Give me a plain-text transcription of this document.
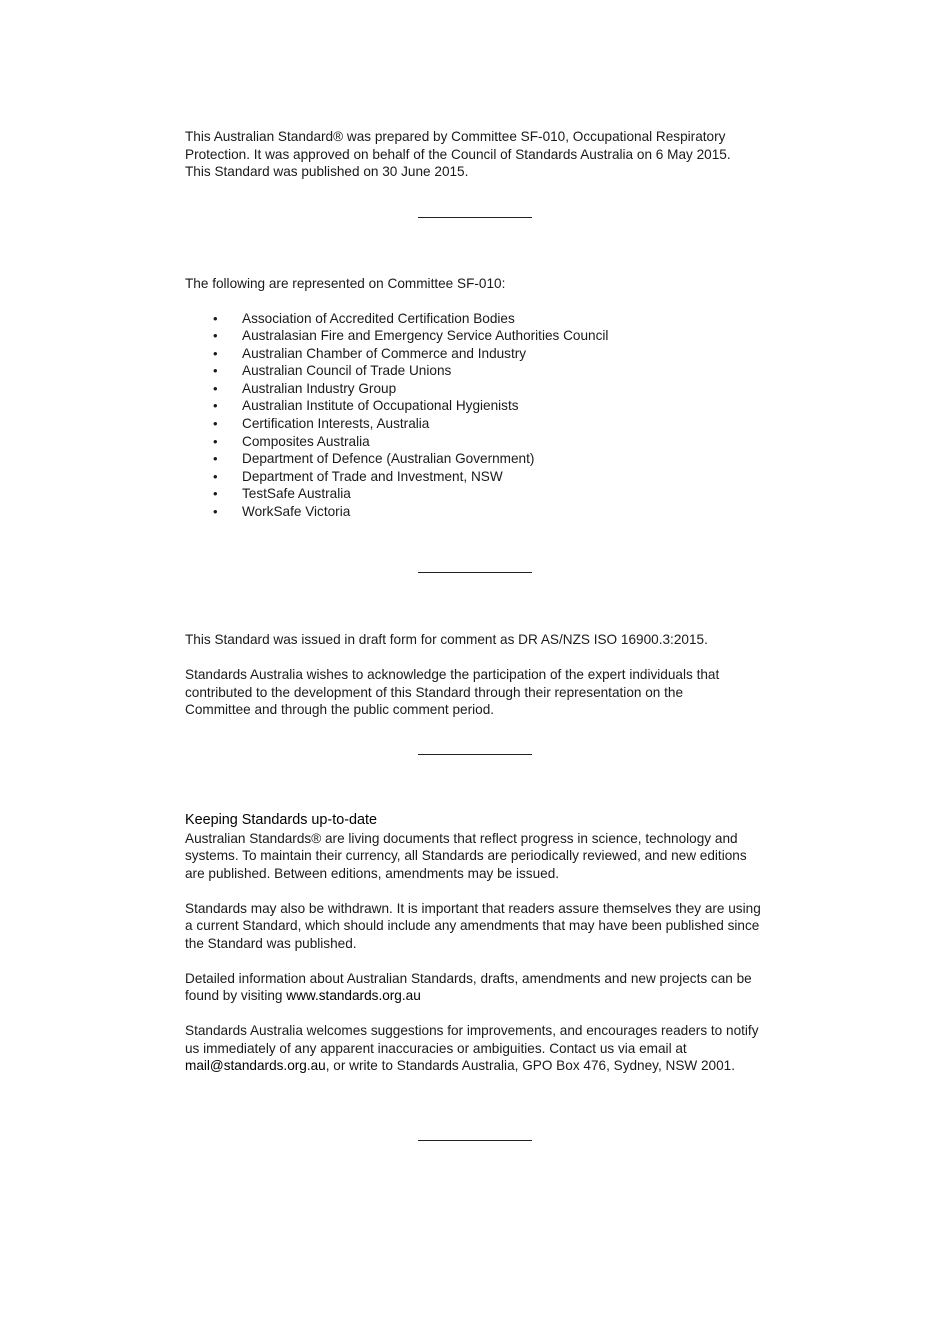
This Australian Standard® was prepared by Committee SF-010, Occupational Respiratory Protection. It was approved on behalf of the Council of Standards Australia on 6 May 2015. This Standard was published on 30 June 2015.

The following are represented on Committee SF-010:

• Association of Accredited Certification Bodies
• Australasian Fire and Emergency Service Authorities Council
• Australian Chamber of Commerce and Industry
• Australian Council of Trade Unions
• Australian Industry Group
• Australian Institute of Occupational Hygienists
• Certification Interests, Australia
• Composites Australia
• Department of Defence (Australian Government)
• Department of Trade and Investment, NSW
• TestSafe Australia
• WorkSafe Victoria

This Standard was issued in draft form for comment as DR AS/NZS ISO 16900.3:2015.

Standards Australia wishes to acknowledge the participation of the expert individuals that contributed to the development of this Standard through their representation on the Committee and through the public comment period.

Keeping Standards up-to-date

Australian Standards® are living documents that reflect progress in science, technology and systems. To maintain their currency, all Standards are periodically reviewed, and new editions are published. Between editions, amendments may be issued.

Standards may also be withdrawn. It is important that readers assure themselves they are using a current Standard, which should include any amendments that may have been published since the Standard was published.

Detailed information about Australian Standards, drafts, amendments and new projects can be found by visiting www.standards.org.au

Standards Australia welcomes suggestions for improvements, and encourages readers to notify us immediately of any apparent inaccuracies or ambiguities. Contact us via email at mail@standards.org.au, or write to Standards Australia, GPO Box 476, Sydney, NSW 2001.
